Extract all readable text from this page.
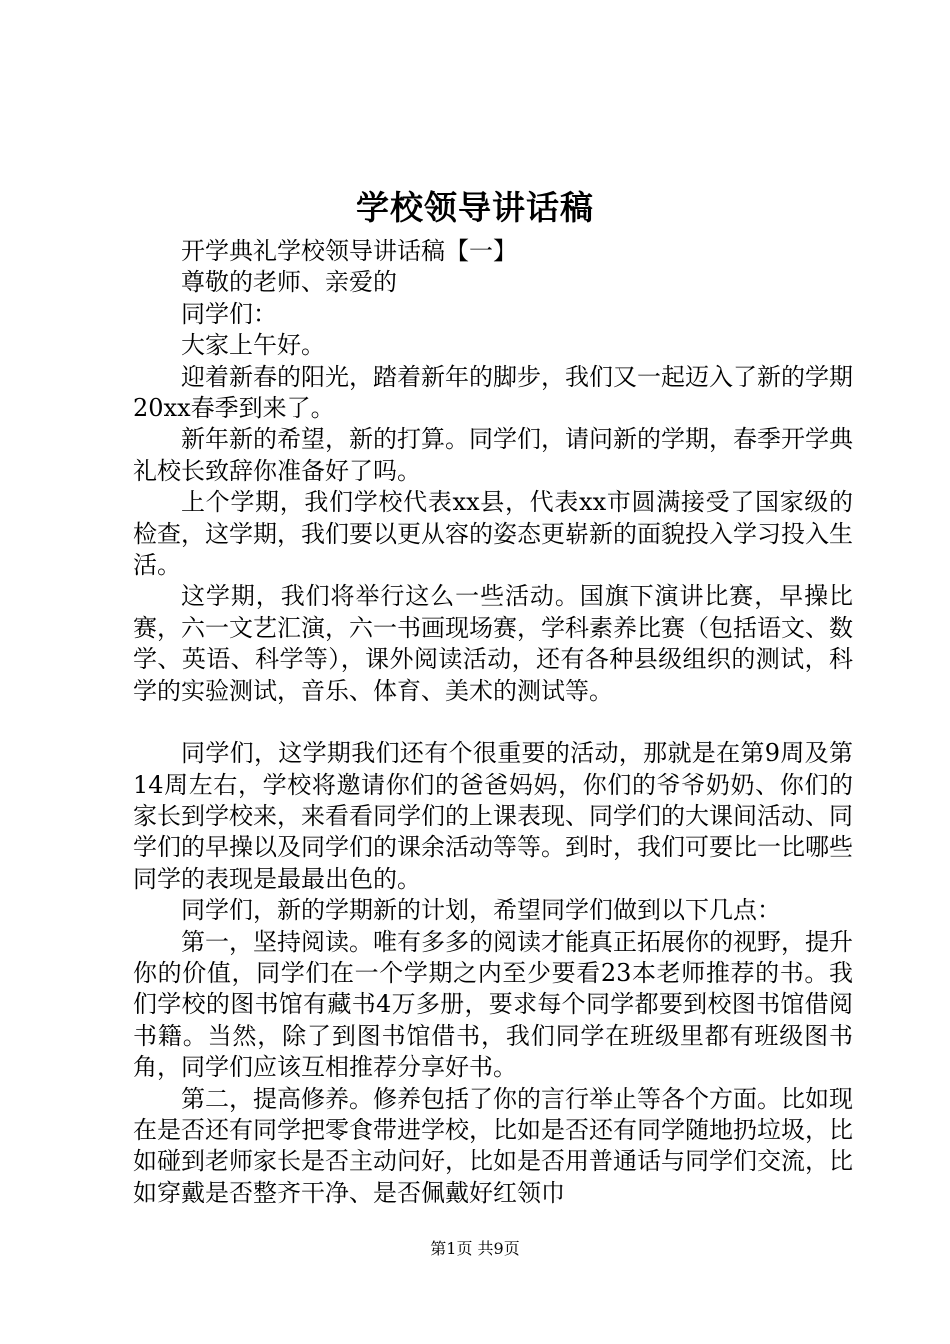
学校领导讲话稿

开学典礼学校领导讲话稿【一】

尊敬的老师、亲爱的

同学们：

大家上午好。

迎着新春的阳光，踏着新年的脚步，我们又一起迈入了新的学期20xx春季到来了。

新年新的希望，新的打算。同学们，请问新的学期，春季开学典礼校长致辞你准备好了吗。

上个学期，我们学校代表xx县，代表xx市圆满接受了国家级的检查，这学期，我们要以更从容的姿态更崭新的面貌投入学习投入生活。

这学期，我们将举行这么一些活动。国旗下演讲比赛，早操比赛，六一文艺汇演，六一书画现场赛，学科素养比赛（包括语文、数学、英语、科学等），课外阅读活动，还有各种县级组织的测试，科学的实验测试，音乐、体育、美术的测试等。

同学们，这学期我们还有个很重要的活动，那就是在第9周及第14周左右，学校将邀请你们的爸爸妈妈，你们的爷爷奶奶、你们的家长到学校来，来看看同学们的上课表现、同学们的大课间活动、同学们的早操以及同学们的课余活动等等。到时，我们可要比一比哪些同学的表现是最最出色的。

同学们，新的学期新的计划，希望同学们做到以下几点：

第一，坚持阅读。唯有多多的阅读才能真正拓展你的视野，提升你的价值，同学们在一个学期之内至少要看23本老师推荐的书。我们学校的图书馆有藏书4万多册，要求每个同学都要到校图书馆借阅书籍。当然，除了到图书馆借书，我们同学在班级里都有班级图书角，同学们应该互相推荐分享好书。

第二，提高修养。修养包括了你的言行举止等各个方面。比如现在是否还有同学把零食带进学校，比如是否还有同学随地扔垃圾，比如碰到老师家长是否主动问好，比如是否用普通话与同学们交流，比如穿戴是否整齐干净、是否佩戴好红领巾

第1页 共9页
